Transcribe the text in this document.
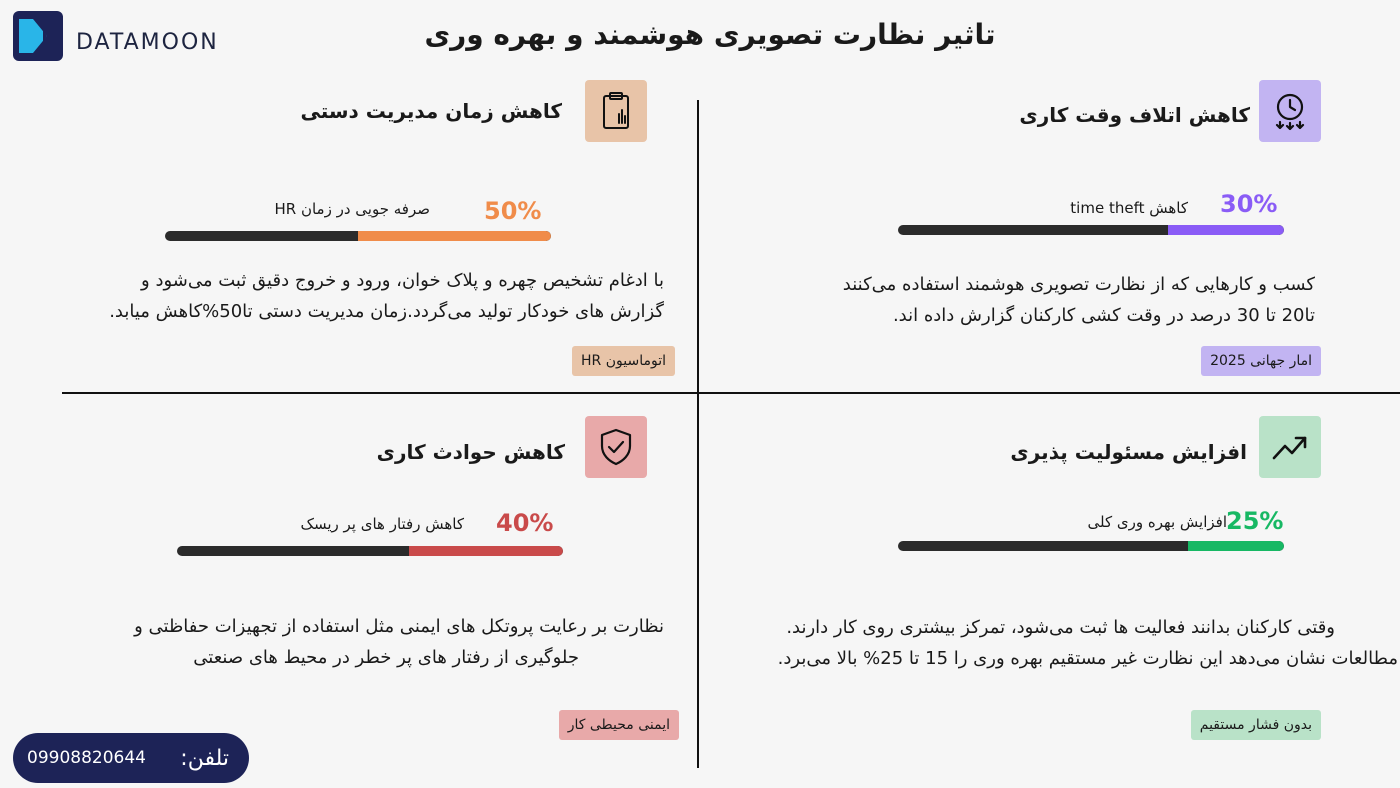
DATAMOON	تاثیر نظارت تصویری هوشمند و بهره وری
کاهش اتلاف وقت کاری
30%
کاهش time theft
کسب و کارهایی که از نظارت تصویری هوشمند استفاده می‌کنند
تا20 تا 30 درصد در وقت کشی کارکنان گزارش داده اند.
امار جهانی 2025
کاهش زمان مدیریت دستی
50%
صرفه جویی در زمان HR
با ادغام تشخیص چهره و پلاک خوان، ورود و خروج دقیق ثبت می‌شود و
گزارش های خودکار تولید می‌گردد.زمان مدیریت دستی تا50%کاهش میابد.
اتوماسیون HR
افزایش مسئولیت پذیری
25%
افزایش بهره وری کلی
وقتی کارکنان بدانند فعالیت ها ثبت می‌شود، تمرکز بیشتری روی کار دارند.
مطالعات نشان می‌دهد این نظارت غیر مستقیم بهره وری را 15 تا 25% بالا می‌برد.
بدون فشار مستقیم
کاهش حوادث کاری
40%
کاهش رفتار های پر ریسک
نظارت بر رعایت پروتکل های ایمنی مثل استفاده از تجهیزات حفاظتی و
جلوگیری از رفتار های پر خطر در محیط های صنعتی
ایمنی محیطی کار
09908820644 تلفن:
